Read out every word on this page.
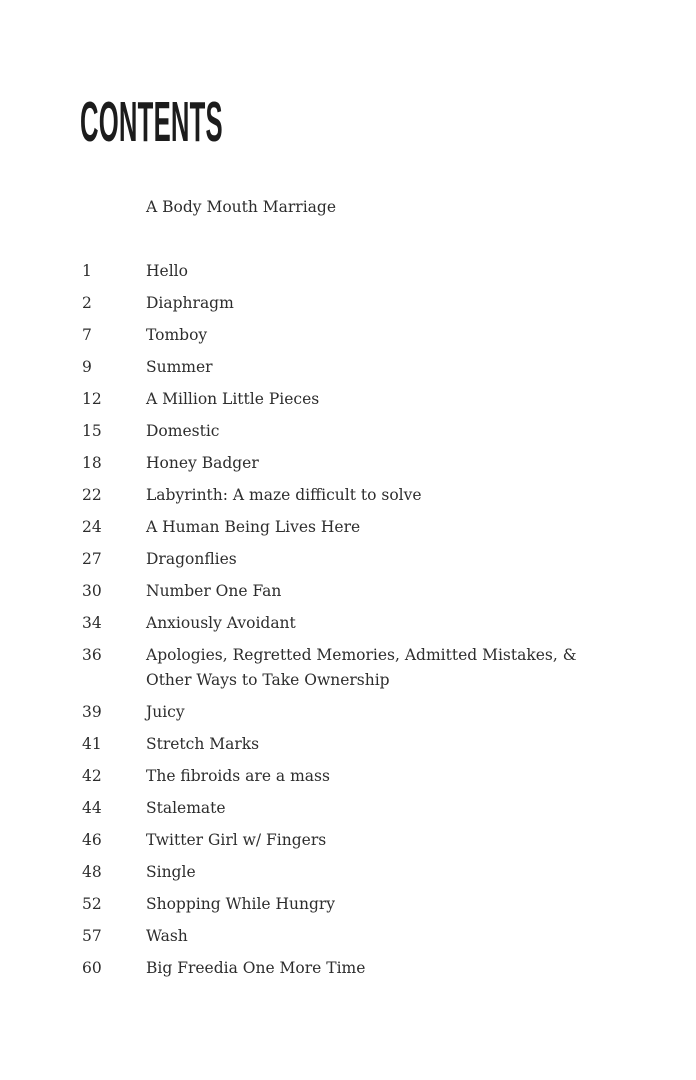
CONTENTS
A Body Mouth Marriage
1	Hello
2	Diaphragm
7	Tomboy
9	Summer
12	A Million Little Pieces
15	Domestic
18	Honey Badger
22	Labyrinth: A maze difficult to solve
24	A Human Being Lives Here
27	Dragonflies
30	Number One Fan
34	Anxiously Avoidant
36	Apologies, Regretted Memories, Admitted Mistakes, & Other Ways to Take Ownership
39	Juicy
41	Stretch Marks
42	The fibroids are a mass
44	Stalemate
46	Twitter Girl w/ Fingers
48	Single
52	Shopping While Hungry
57	Wash
60	Big Freedia One More Time
